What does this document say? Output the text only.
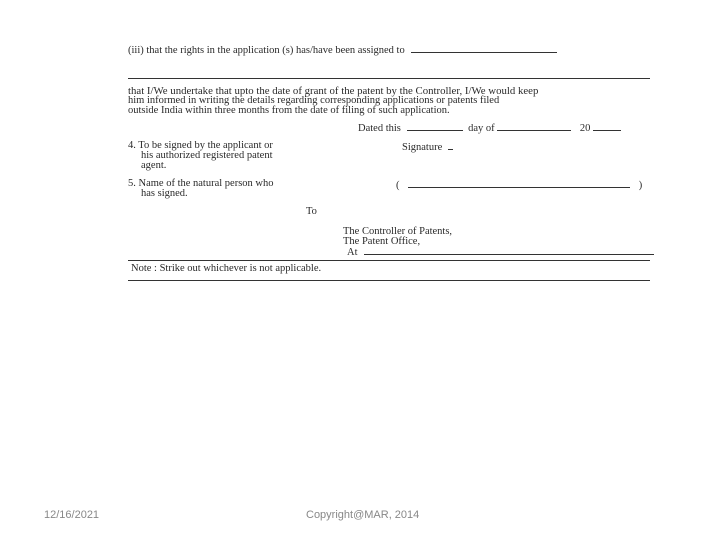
(iii) that the rights in the application (s) has/have been assigned to
that I/We undertake that upto the date of grant of the patent by the Controller, I/We would keep
him informed in writing the details regarding corresponding applications or patents filed
outside India within three months from the date of filing of such application.
Dated this	day of	20
4. To be signed by the applicant or
his authorized registered patent
agent.
Signature
5. Name of the natural person who
has signed.
(	)
To
The Controller of Patents,
The Patent Office,
At
Note : Strike out whichever is not applicable.
12/16/2021	Copyright@MAR, 2014
